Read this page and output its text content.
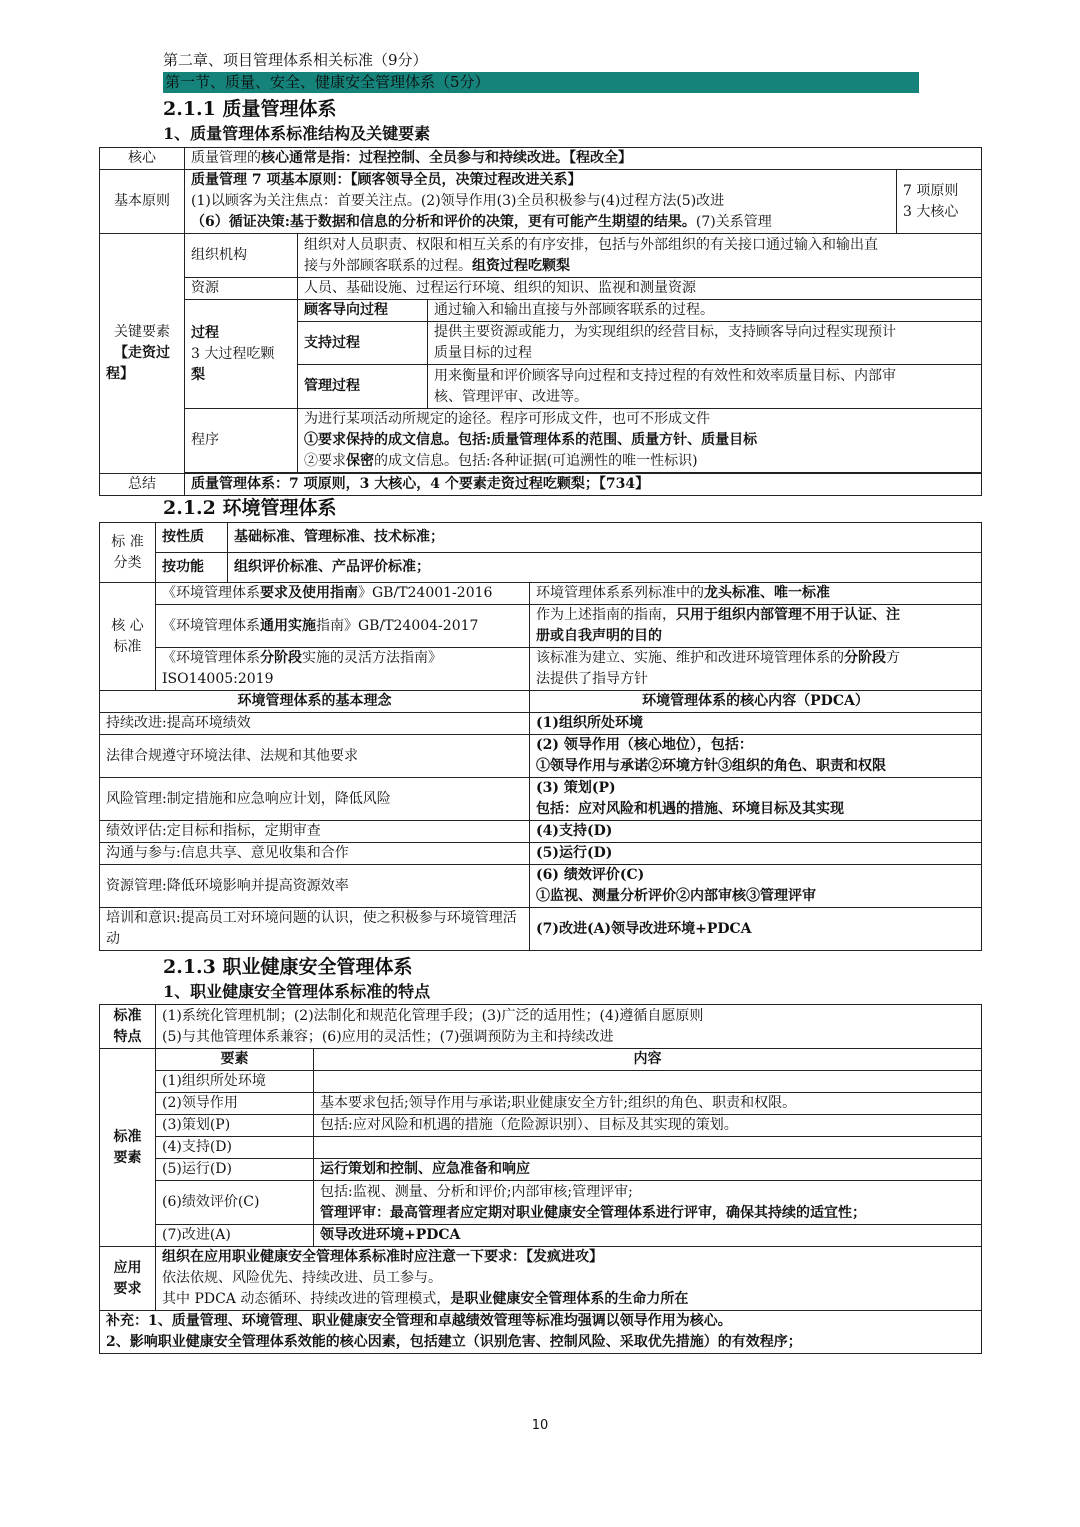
第二章、项目管理体系相关标准（9分）
第一节、质量、安全、健康安全管理体系（5分）
2.1.1 质量管理体系
1、质量管理体系标准结构及关键要素
核心	质量管理的核心通常是指：过程控制、全员参与和持续改进。【程改全】			
基本原则	质量管理 7 项基本原则：【顾客领导全员，决策过程改进关系】
(1)以顾客为关注焦点：首要关注点。(2)领导作用(3)全员积极参与(4)过程方法(5)改进
（6）循证决策:基于数据和信息的分析和评价的决策，更有可能产生期望的结果。(7)关系管理			7 项原则
3 大核心

关键要素
【走资过
程】	组织机构	组织对人员职责、权限和相互关系的有序安排，包括与外部组织的有关接口通过输入和输出直
接与外部顾客联系的过程。组资过程吃颗梨		

	资源	人员、基础设施、过程运行环境、组织的知识、监视和测量资源		

	过程
3 大过程吃颗
梨	顾客导向过程	通过输入和输出直接与外部顾客联系的过程。	
		支持过程	提供主要资源或能力，为实现组织的经营目标，支持顾客导向过程实现预计
质量目标的过程	

		管理过程	用来衡量和评价顾客导向过程和支持过程的有效性和效率质量目标、内部审
核、管理评审、改进等。	

	程序	为进行某项活动所规定的途径。程序可形成文件，也可不形成文件
①要求保持的成文信息。包括:质量管理体系的范围、质量方针、质量目标
②要求保密的成文信息。包括:各种证据(可追溯性的唯一性标识)		

总结	质量管理体系：7 项原则，3 大核心，4 个要素走资过程吃颗梨；【734】			
2.1.2 环境管理体系
标 准
分类	按性质	基础标准、管理标准、技术标准；	
	按功能	组织评价标准、产品评价标准；	

核 心
标准	《环境管理体系要求及使用指南》GB/T24001-2016		环境管理体系系列标准中的龙头标准、唯一标准
	《环境管理体系通用实施指南》GB/T24004-2017		作为上述指南的指南，只用于组织内部管理不用于认证、注
册或自我声明的目的

	《环境管理体系分阶段实施的灵活方法指南》
ISO14005:2019		该标准为建立、实施、维护和改进环境管理体系的分阶段方
法提供了指导方针

环境管理体系的基本理念			环境管理体系的核心内容（PDCA）
持续改进:提高环境绩效			(1)组织所处环境
法律合规遵守环境法律、法规和其他要求			(2) 领导作用（核心地位），包括：
①领导作用与承诺②环境方针③组织的角色、职责和权限

风险管理:制定措施和应急响应计划，降低风险			(3) 策划(P)
包括：应对风险和机遇的措施、环境目标及其实现

绩效评估:定目标和指标，定期审查			(4)支持(D)
沟通与参与:信息共享、意见收集和合作			(5)运行(D)
资源管理:降低环境影响并提高资源效率			(6) 绩效评价(C)
①监视、测量分析评价②内部审核③管理评审

培训和意识:提高员工对环境问题的认识，使之积极参与环境管理活动			(7)改进(A)领导改进环境+PDCA
2.1.3 职业健康安全管理体系
1、职业健康安全管理体系标准的特点
标准
特点	(1)系统化管理机制；(2)法制化和规范化管理手段；(3)广泛的适用性；(4)遵循自愿原则
(5)与其他管理体系兼容；(6)应用的灵活性；(7)强调预防为主和持续改进	

标准
要素	要素	内容
	(1)组织所处环境	
	(2)领导作用	基本要求包括;领导作用与承诺;职业健康安全方针;组织的角色、职责和权限。
	(3)策划(P)	包括:应对风险和机遇的措施（危险源识别）、目标及其实现的策划。
	(4)支持(D)	
	(5)运行(D)	运行策划和控制、应急准备和响应
	(6)绩效评价(C)	包括:监视、测量、分析和评价;内部审核;管理评审;
管理评审：最高管理者应定期对职业健康安全管理体系进行评审，确保其持续的适宜性；
	(7)改进(A)	领导改进环境+PDCA

应用
要求	组织在应用职业健康安全管理体系标准时应注意一下要求：【发疯进攻】
依法依规、风险优先、持续改进、员工参与。
其中 PDCA 动态循环、持续改进的管理模式，是职业健康安全管理体系的生命力所在	

补充：1、质量管理、环境管理、职业健康安全管理和卓越绩效管理等标准均强调以领导作用为核心。
2、影响职业健康安全管理体系效能的核心因素，包括建立（识别危害、控制风险、采取优先措施）的有效程序；		
10
